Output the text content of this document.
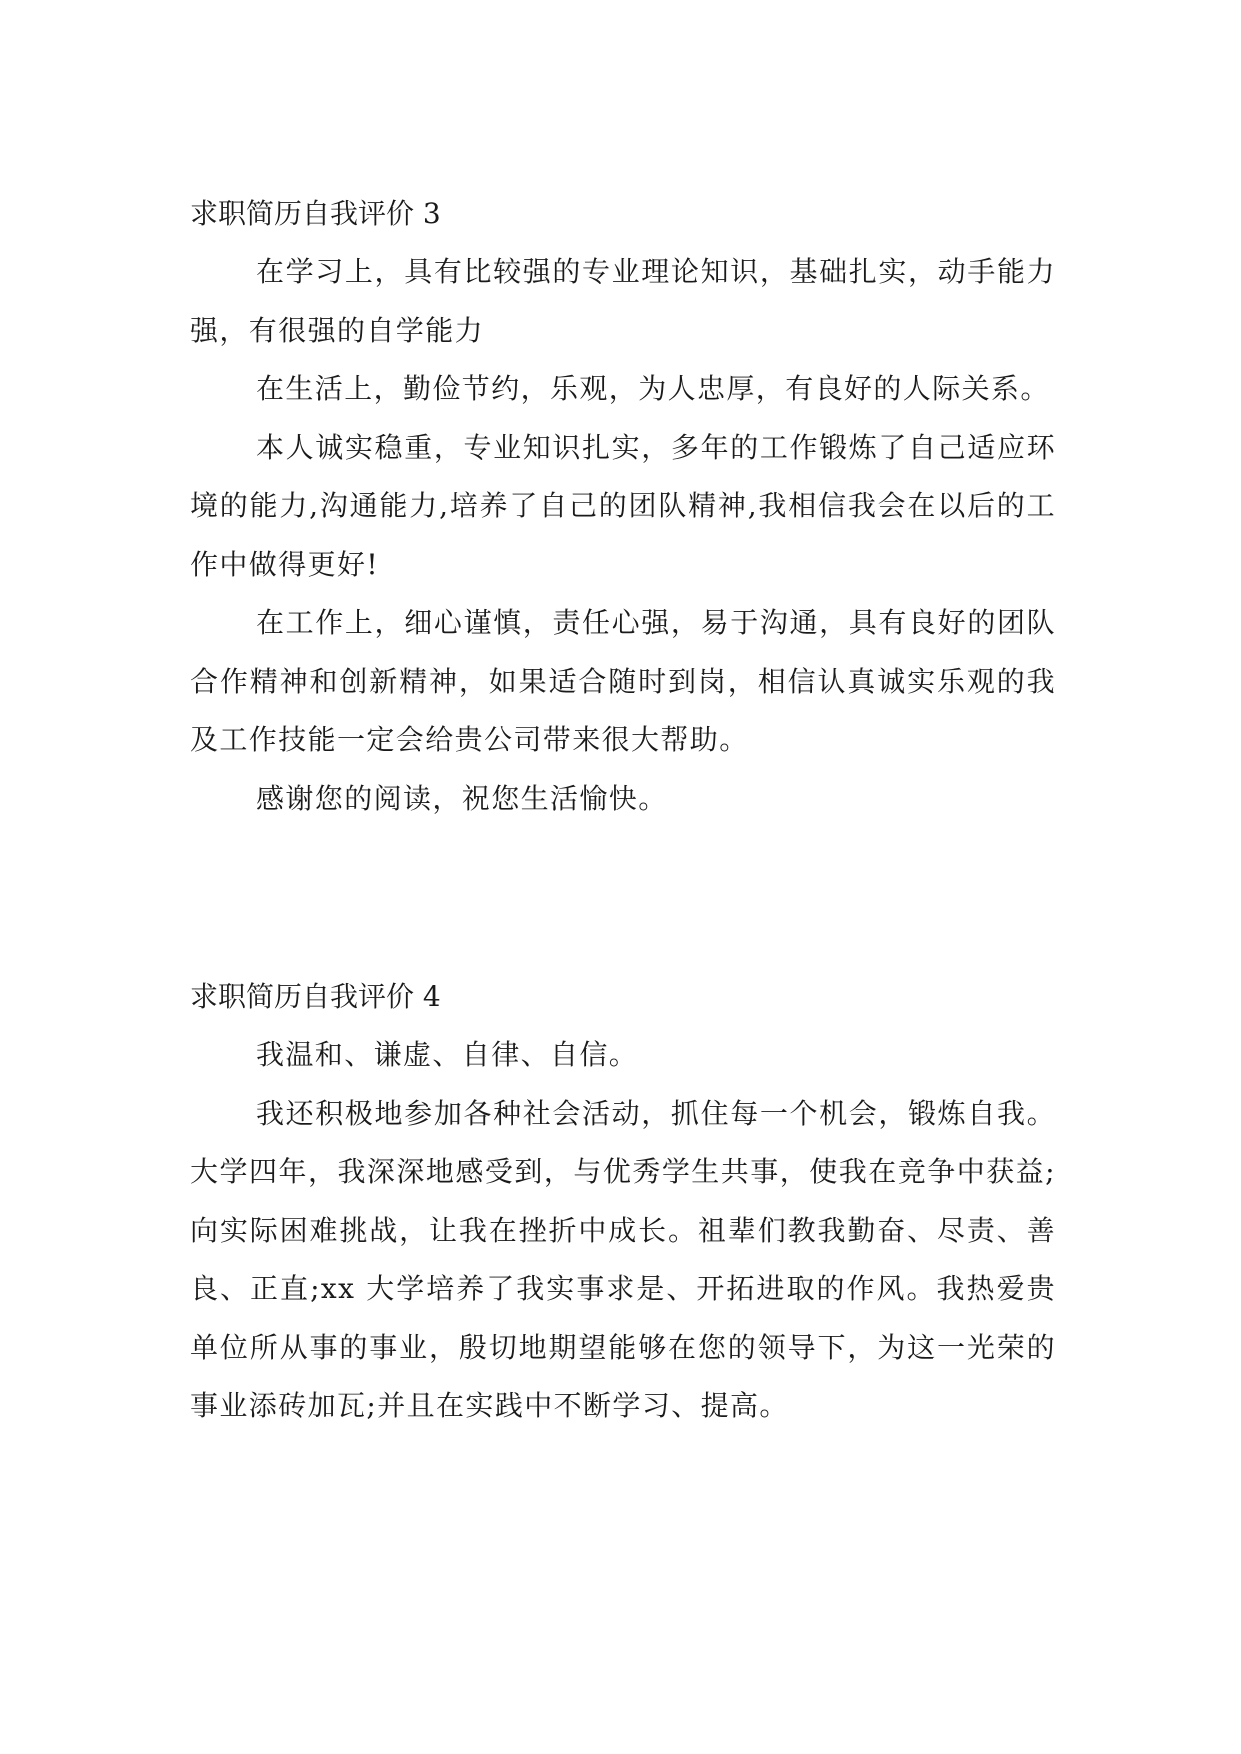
求职简历自我评价 3

在学习上，具有比较强的专业理论知识，基础扎实，动手能力强，有很强的自学能力

在生活上，勤俭节约，乐观，为人忠厚，有良好的人际关系。

本人诚实稳重，专业知识扎实，多年的工作锻炼了自己适应环境的能力,沟通能力,培养了自己的团队精神,我相信我会在以后的工作中做得更好!

在工作上，细心谨慎，责任心强，易于沟通，具有良好的团队合作精神和创新精神，如果适合随时到岗，相信认真诚实乐观的我及工作技能一定会给贵公司带来很大帮助。

感谢您的阅读，祝您生活愉快。

求职简历自我评价 4

我温和、谦虚、自律、自信。

我还积极地参加各种社会活动，抓住每一个机会，锻炼自我。大学四年，我深深地感受到，与优秀学生共事，使我在竞争中获益;向实际困难挑战，让我在挫折中成长。祖辈们教我勤奋、尽责、善良、正直;xx 大学培养了我实事求是、开拓进取的作风。我热爱贵单位所从事的事业，殷切地期望能够在您的领导下，为这一光荣的事业添砖加瓦;并且在实践中不断学习、提高。
